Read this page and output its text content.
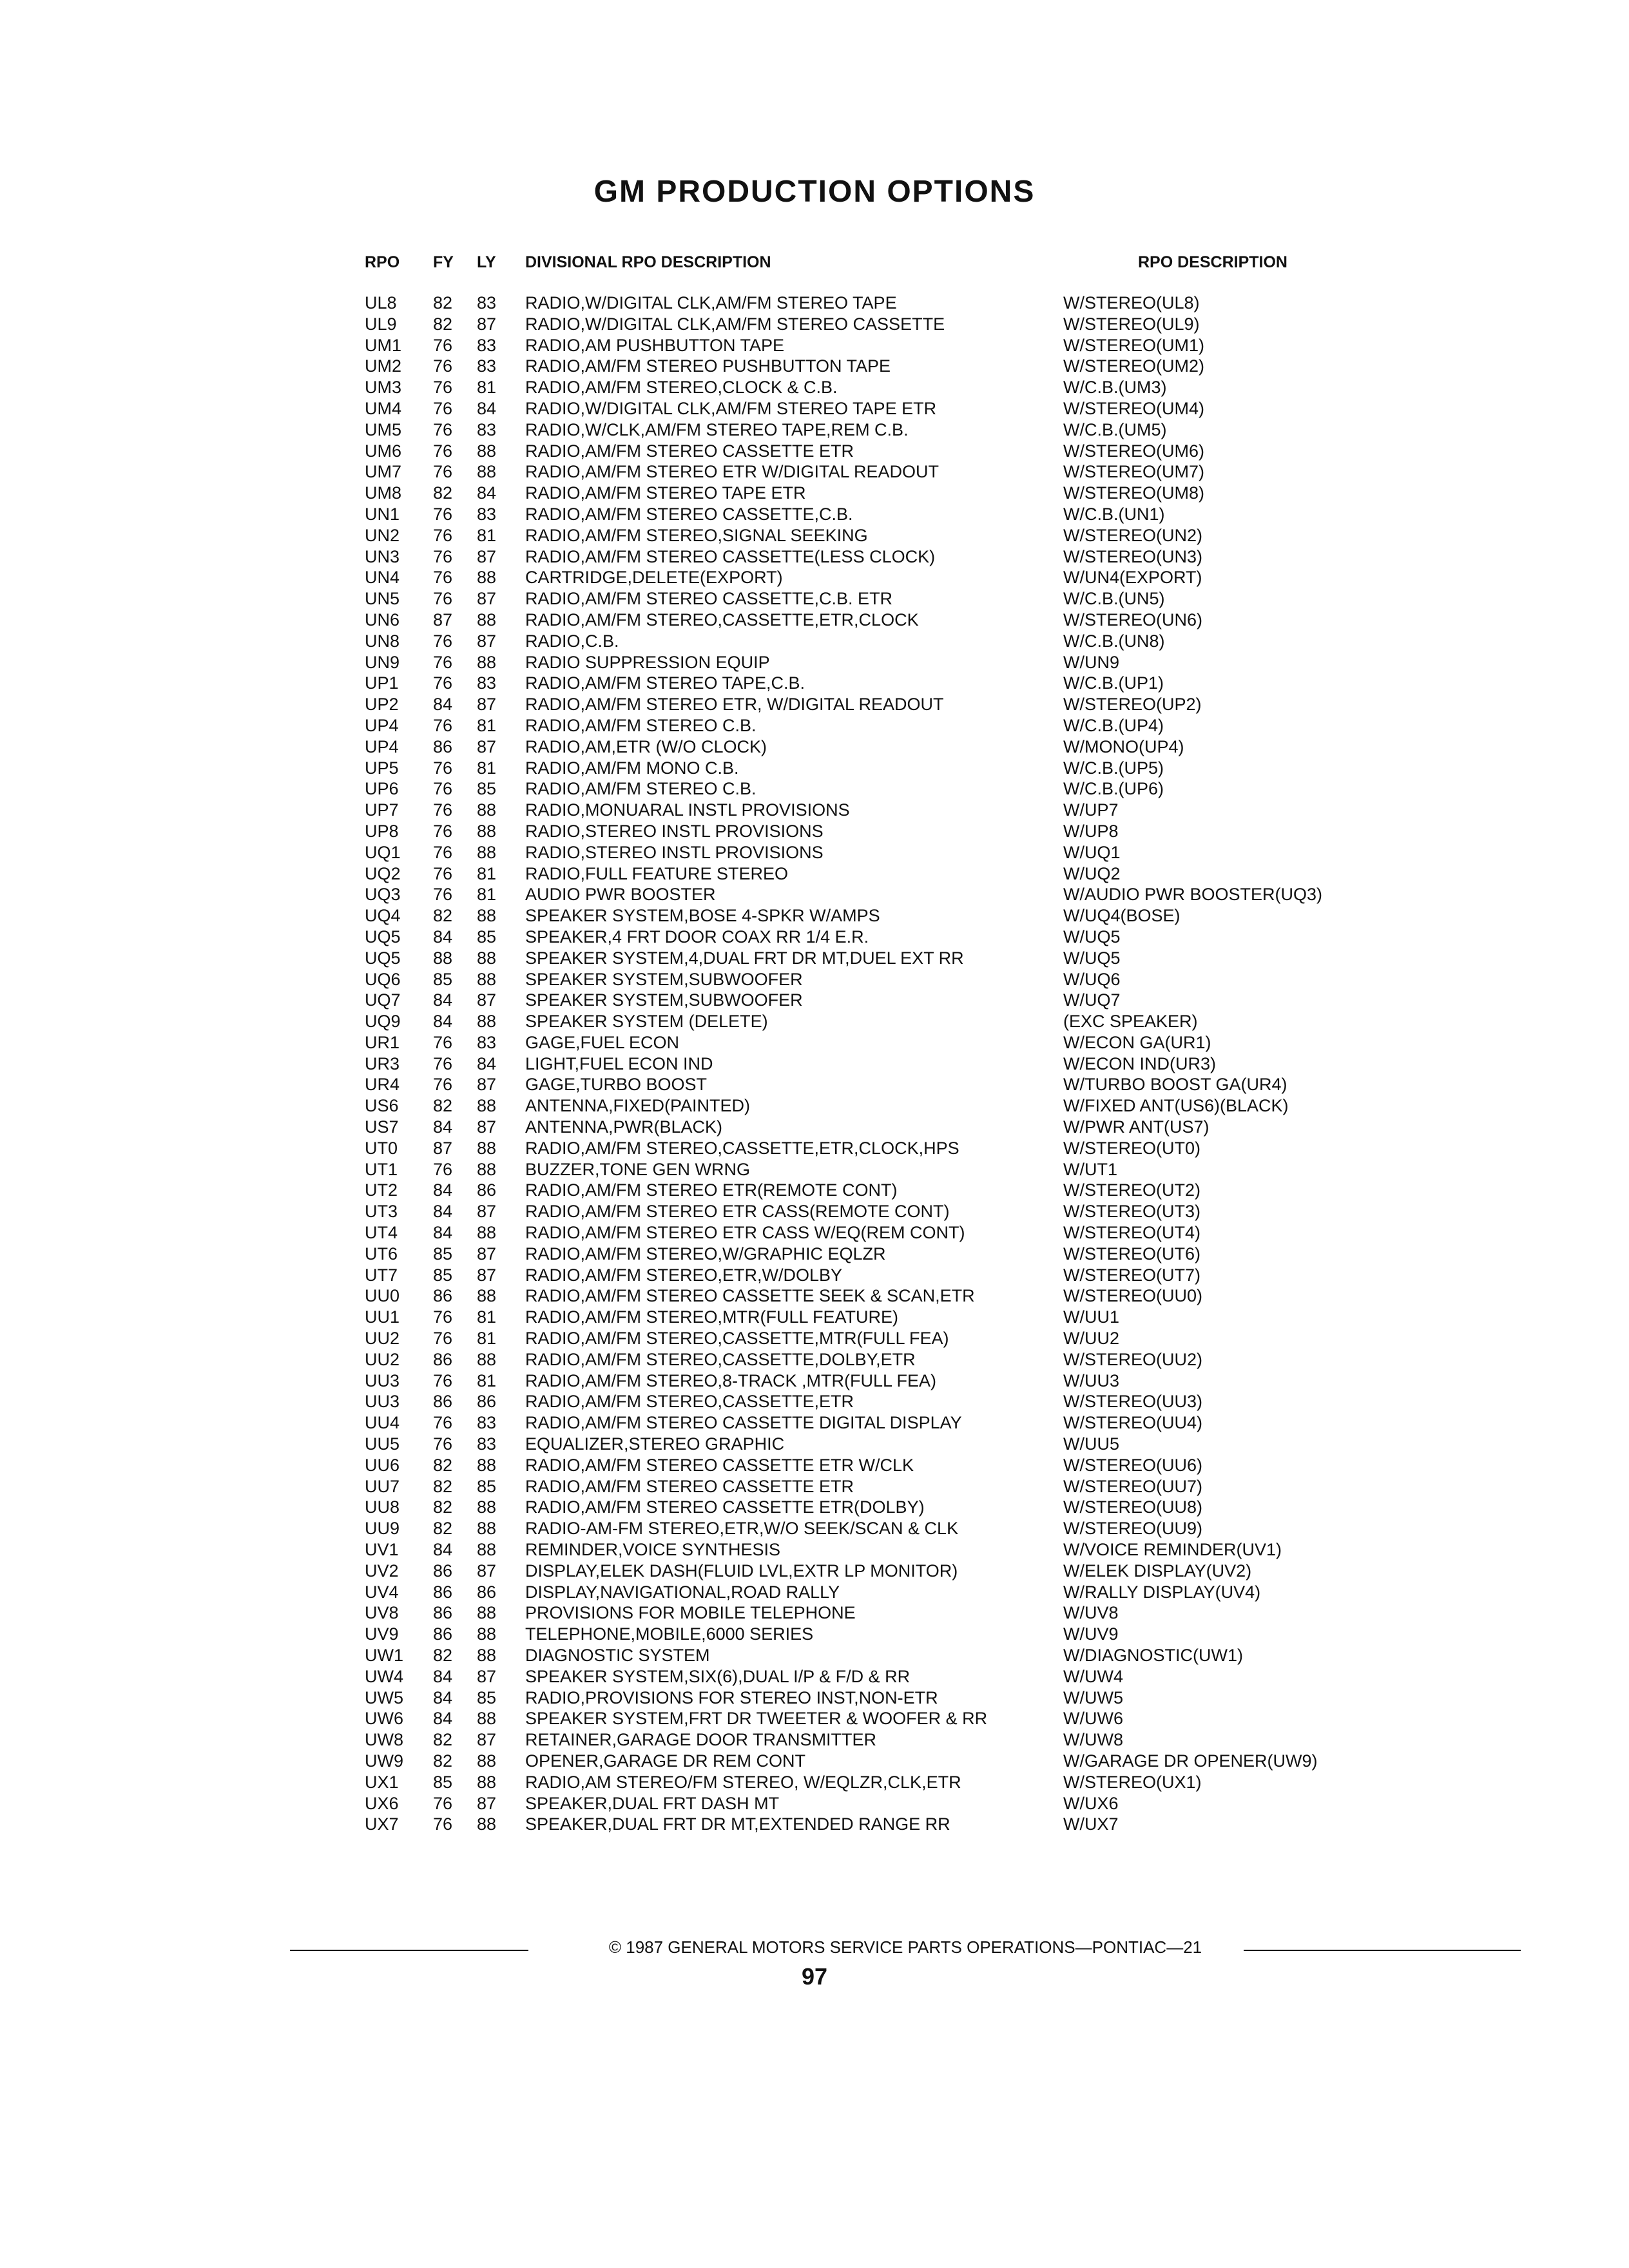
GM PRODUCTION OPTIONS
RPO FY LY DIVISIONAL RPO DESCRIPTION	RPO DESCRIPTION
UL8 82 83 RADIO,W/DIGITAL CLK,AM/FM STEREO TAPE	W/STEREO(UL8)
UL9 82 87 RADIO,W/DIGITAL CLK,AM/FM STEREO CASSETTE	W/STEREO(UL9)
UM1 76 83 RADIO,AM PUSHBUTTON TAPE	W/STEREO(UM1)
UM2 76 83 RADIO,AM/FM STEREO PUSHBUTTON TAPE	W/STEREO(UM2)
UM3 76 81 RADIO,AM/FM STEREO,CLOCK & C.B.	W/C.B.(UM3)
UM4 76 84 RADIO,W/DIGITAL CLK,AM/FM STEREO TAPE ETR	W/STEREO(UM4)
UM5 76 83 RADIO,W/CLK,AM/FM STEREO TAPE,REM C.B.	W/C.B.(UM5)
UM6 76 88 RADIO,AM/FM STEREO CASSETTE ETR	W/STEREO(UM6)
UM7 76 88 RADIO,AM/FM STEREO ETR W/DIGITAL READOUT	W/STEREO(UM7)
UM8 82 84 RADIO,AM/FM STEREO TAPE ETR	W/STEREO(UM8)
UN1 76 83 RADIO,AM/FM STEREO CASSETTE,C.B.	W/C.B.(UN1)
UN2 76 81 RADIO,AM/FM STEREO,SIGNAL SEEKING	W/STEREO(UN2)
UN3 76 87 RADIO,AM/FM STEREO CASSETTE(LESS CLOCK)	W/STEREO(UN3)
UN4 76 88 CARTRIDGE,DELETE(EXPORT)	W/UN4(EXPORT)
UN5 76 87 RADIO,AM/FM STEREO CASSETTE,C.B. ETR	W/C.B.(UN5)
UN6 87 88 RADIO,AM/FM STEREO,CASSETTE,ETR,CLOCK	W/STEREO(UN6)
UN8 76 87 RADIO,C.B.	W/C.B.(UN8)
UN9 76 88 RADIO SUPPRESSION EQUIP	W/UN9
UP1 76 83 RADIO,AM/FM STEREO TAPE,C.B.	W/C.B.(UP1)
UP2 84 87 RADIO,AM/FM STEREO ETR, W/DIGITAL READOUT	W/STEREO(UP2)
UP4 76 81 RADIO,AM/FM STEREO C.B.	W/C.B.(UP4)
UP4 86 87 RADIO,AM,ETR (W/O CLOCK)	W/MONO(UP4)
UP5 76 81 RADIO,AM/FM MONO C.B.	W/C.B.(UP5)
UP6 76 85 RADIO,AM/FM STEREO C.B.	W/C.B.(UP6)
UP7 76 88 RADIO,MONUARAL INSTL PROVISIONS	W/UP7
UP8 76 88 RADIO,STEREO INSTL PROVISIONS	W/UP8
UQ1 76 88 RADIO,STEREO INSTL PROVISIONS	W/UQ1
UQ2 76 81 RADIO,FULL FEATURE STEREO	W/UQ2
UQ3 76 81 AUDIO PWR BOOSTER	W/AUDIO PWR BOOSTER(UQ3)
UQ4 82 88 SPEAKER SYSTEM,BOSE 4-SPKR W/AMPS	W/UQ4(BOSE)
UQ5 84 85 SPEAKER,4 FRT DOOR COAX RR 1/4 E.R.	W/UQ5
UQ5 88 88 SPEAKER SYSTEM,4,DUAL FRT DR MT,DUEL EXT RR	W/UQ5
UQ6 85 88 SPEAKER SYSTEM,SUBWOOFER	W/UQ6
UQ7 84 87 SPEAKER SYSTEM,SUBWOOFER	W/UQ7
UQ9 84 88 SPEAKER SYSTEM (DELETE)	(EXC SPEAKER)
UR1 76 83 GAGE,FUEL ECON	W/ECON GA(UR1)
UR3 76 84 LIGHT,FUEL ECON IND	W/ECON IND(UR3)
UR4 76 87 GAGE,TURBO BOOST	W/TURBO BOOST GA(UR4)
US6 82 88 ANTENNA,FIXED(PAINTED)	W/FIXED ANT(US6)(BLACK)
US7 84 87 ANTENNA,PWR(BLACK)	W/PWR ANT(US7)
UT0 87 88 RADIO,AM/FM STEREO,CASSETTE,ETR,CLOCK,HPS	W/STEREO(UT0)
UT1 76 88 BUZZER,TONE GEN WRNG	W/UT1
UT2 84 86 RADIO,AM/FM STEREO ETR(REMOTE CONT)	W/STEREO(UT2)
UT3 84 87 RADIO,AM/FM STEREO ETR CASS(REMOTE CONT)	W/STEREO(UT3)
UT4 84 88 RADIO,AM/FM STEREO ETR CASS W/EQ(REM CONT)	W/STEREO(UT4)
UT6 85 87 RADIO,AM/FM STEREO,W/GRAPHIC EQLZR	W/STEREO(UT6)
UT7 85 87 RADIO,AM/FM STEREO,ETR,W/DOLBY	W/STEREO(UT7)
UU0 86 88 RADIO,AM/FM STEREO CASSETTE SEEK & SCAN,ETR	W/STEREO(UU0)
UU1 76 81 RADIO,AM/FM STEREO,MTR(FULL FEATURE)	W/UU1
UU2 76 81 RADIO,AM/FM STEREO,CASSETTE,MTR(FULL FEA)	W/UU2
UU2 86 88 RADIO,AM/FM STEREO,CASSETTE,DOLBY,ETR	W/STEREO(UU2)
UU3 76 81 RADIO,AM/FM STEREO,8-TRACK ,MTR(FULL FEA)	W/UU3
UU3 86 86 RADIO,AM/FM STEREO,CASSETTE,ETR	W/STEREO(UU3)
UU4 76 83 RADIO,AM/FM STEREO CASSETTE DIGITAL DISPLAY	W/STEREO(UU4)
UU5 76 83 EQUALIZER,STEREO GRAPHIC	W/UU5
UU6 82 88 RADIO,AM/FM STEREO CASSETTE ETR W/CLK	W/STEREO(UU6)
UU7 82 85 RADIO,AM/FM STEREO CASSETTE ETR	W/STEREO(UU7)
UU8 82 88 RADIO,AM/FM STEREO CASSETTE ETR(DOLBY)	W/STEREO(UU8)
UU9 82 88 RADIO-AM-FM STEREO,ETR,W/O SEEK/SCAN & CLK	W/STEREO(UU9)
UV1 84 88 REMINDER,VOICE SYNTHESIS	W/VOICE REMINDER(UV1)
UV2 86 87 DISPLAY,ELEK DASH(FLUID LVL,EXTR LP MONITOR)	W/ELEK DISPLAY(UV2)
UV4 86 86 DISPLAY,NAVIGATIONAL,ROAD RALLY	W/RALLY DISPLAY(UV4)
UV8 86 88 PROVISIONS FOR MOBILE TELEPHONE	W/UV8
UV9 86 88 TELEPHONE,MOBILE,6000 SERIES	W/UV9
UW1 82 88 DIAGNOSTIC SYSTEM	W/DIAGNOSTIC(UW1)
UW4 84 87 SPEAKER SYSTEM,SIX(6),DUAL I/P & F/D & RR	W/UW4
UW5 84 85 RADIO,PROVISIONS FOR STEREO INST,NON-ETR	W/UW5
UW6 84 88 SPEAKER SYSTEM,FRT DR TWEETER & WOOFER & RR	W/UW6
UW8 82 87 RETAINER,GARAGE DOOR TRANSMITTER	W/UW8
UW9 82 88 OPENER,GARAGE DR REM CONT	W/GARAGE DR OPENER(UW9)
UX1 85 88 RADIO,AM STEREO/FM STEREO, W/EQLZR,CLK,ETR	W/STEREO(UX1)
UX6 76 87 SPEAKER,DUAL FRT DASH MT	W/UX6
UX7 76 88 SPEAKER,DUAL FRT DR MT,EXTENDED RANGE RR	W/UX7
© 1987 GENERAL MOTORS SERVICE PARTS OPERATIONS—PONTIAC—21
97
